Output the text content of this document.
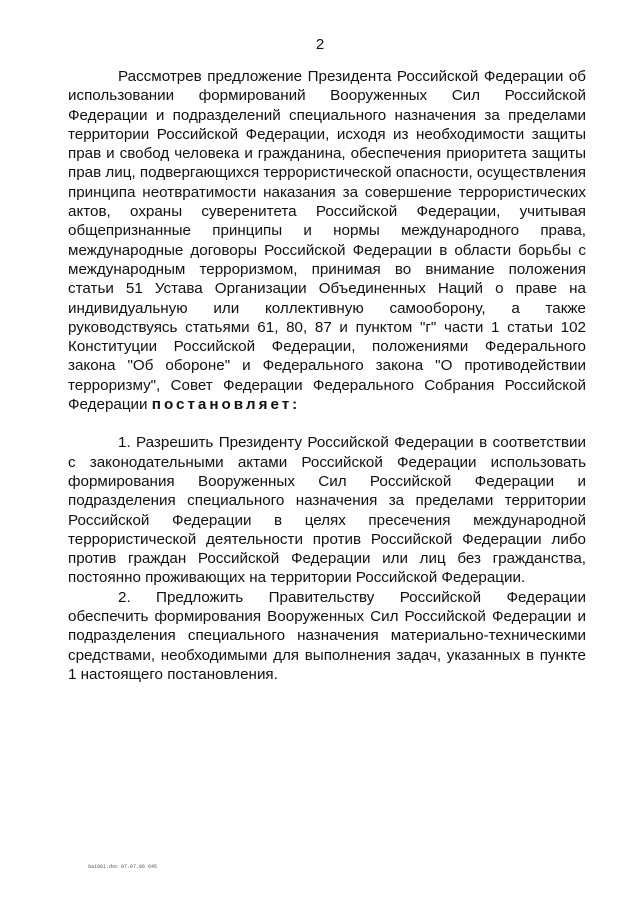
2

Рассмотрев предложение Президента Российской Федерации об использовании формирований Вооруженных Сил Российской Федерации и подразделений специального назначения за пределами территории Российской Федерации, исходя из необходимости защиты прав и свобод человека и гражданина, обеспечения приоритета защиты прав лиц, подвергающихся террористической опасности, осуществления принципа неотвратимости наказания за совершение террористических актов, охраны суверенитета Российской Федерации, учитывая общепризнанные принципы и нормы международного права, международные договоры Российской Федерации в области борьбы с международным терроризмом, принимая во внимание положения статьи 51 Устава Организации Объединенных Наций о праве на индивидуальную или коллективную самооборону, а также руководствуясь статьями 61, 80, 87 и пунктом "г" части 1 статьи 102 Конституции Российской Федерации, положениями Федерального закона "Об обороне" и Федерального закона "О противодействии терроризму", Совет Федерации Федерального Собрания Российской Федерации постановляет:

1. Разрешить Президенту Российской Федерации в соответствии с законодательными актами Российской Федерации использовать формирования Вооруженных Сил Российской Федерации и подразделения специального назначения за пределами территории Российской Федерации в целях пресечения международной террористической деятельности против Российской Федерации либо против граждан Российской Федерации или лиц без гражданства, постоянно проживающих на территории Российской Федерации.

2. Предложить Правительству Российской Федерации обеспечить формирования Вооруженных Сил Российской Федерации и подразделения специального назначения материально-техническими средствами, необходимыми для выполнения задач, указанных в пункте 1 настоящего постановления.

0a1961.doc 07.07.06 645
